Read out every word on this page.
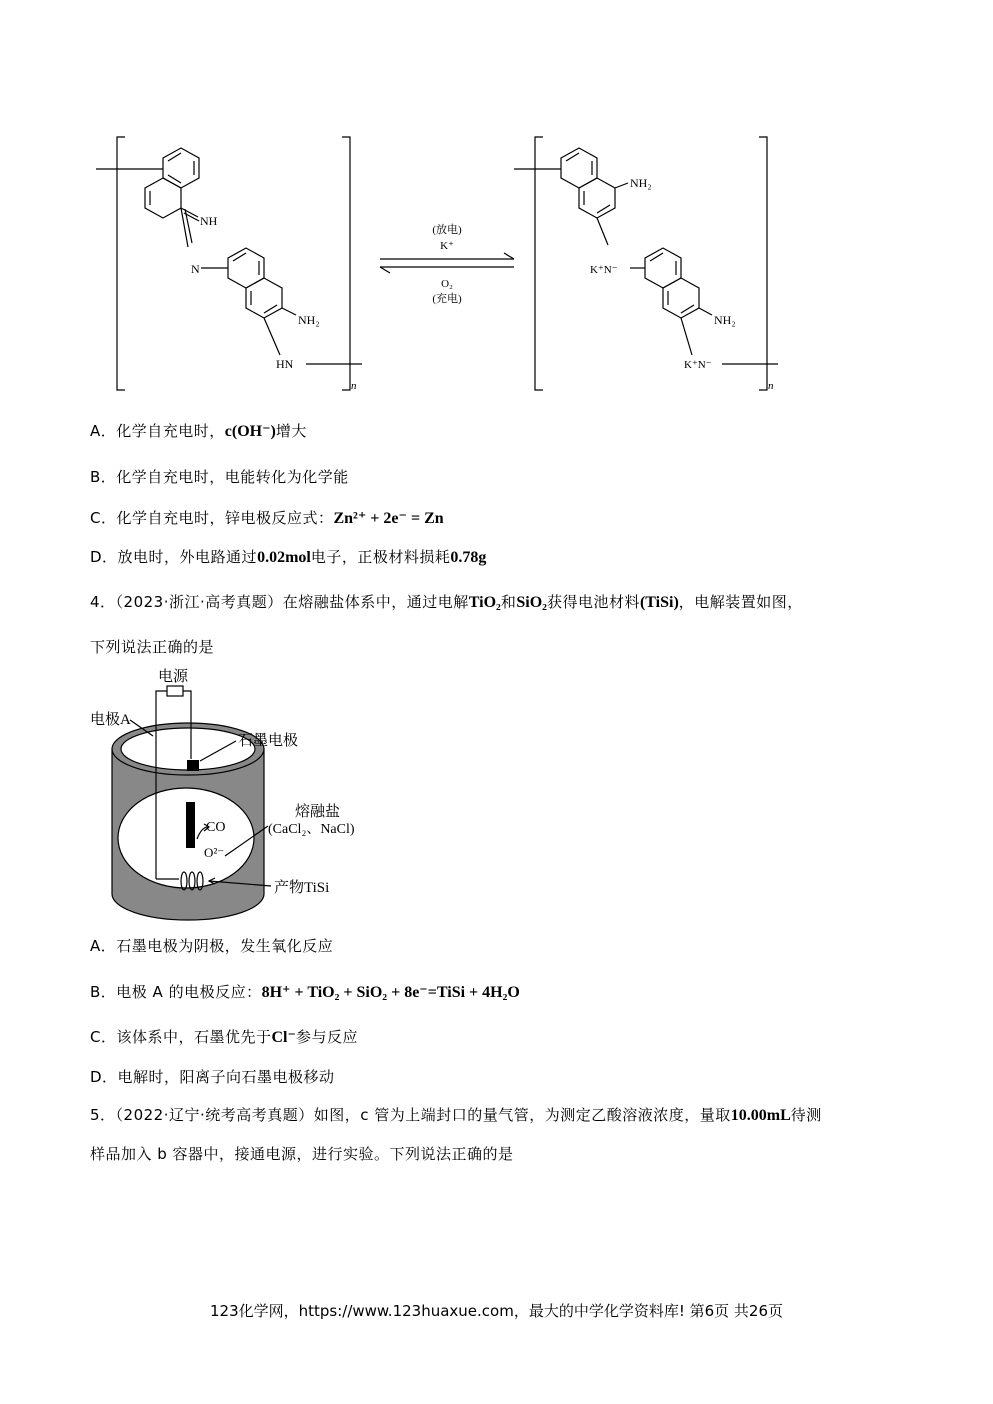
NH
N
NH₂
HN
n
NH₂
K⁺N⁻
NH₂
K⁺N⁻
n
(放电)
K⁺
O₂
(充电)
A．化学自充电时，c(OH⁻)增大
B．化学自充电时，电能转化为化学能
C．化学自充电时，锌电极反应式：Zn²⁺ + 2e⁻ = Zn
D．放电时，外电路通过0.02mol电子，正极材料损耗0.78g
4．（2023·浙江·高考真题）在熔融盐体系中，通过电解TiO₂和SiO₂获得电池材料(TiSi)，电解装置如图，
下列说法正确的是
电源
电极A
石墨电极
熔融盐
(CaCl₂、NaCl)
CO
O²⁻
产物TiSi
A．石墨电极为阴极，发生氧化反应
B．电极 A 的电极反应：8H⁺ + TiO₂ + SiO₂ + 8e⁻=TiSi + 4H₂O
C．该体系中，石墨优先于Cl⁻参与反应
D．电解时，阳离子向石墨电极移动
5．（2022·辽宁·统考高考真题）如图，c 管为上端封口的量气管，为测定乙酸溶液浓度，量取10.00mL待测
样品加入 b 容器中，接通电源，进行实验。下列说法正确的是
123化学网，https://www.123huaxue.com，最大的中学化学资料库! 第6页 共26页
